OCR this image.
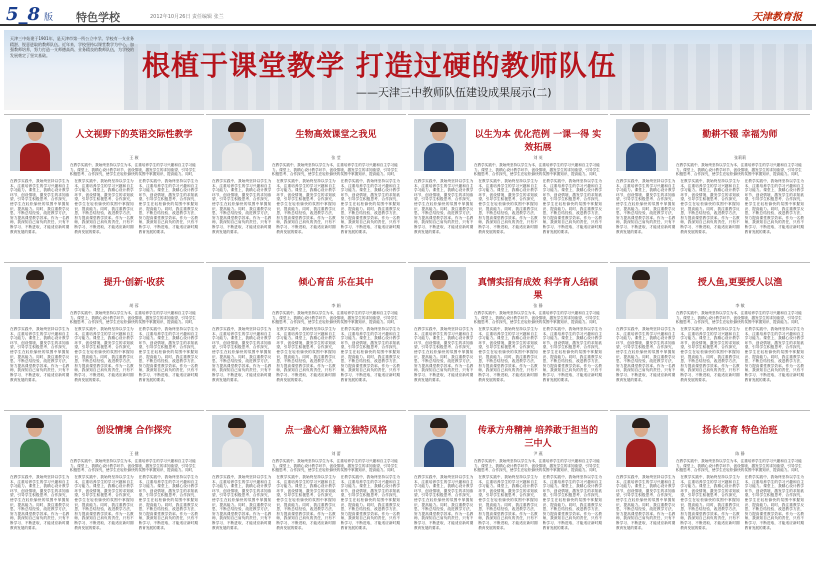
5_8 版 特色学校	2012年10月26日 责任编辑 张兰	天津教育报
天津三中始建于1901年，是天津市第一所公立中学。学校有一支业务精湛、锐意进取的教师队伍。近年来，学校坚持以课堂教学为中心，加强教师培养，努力打造一支师德高尚、业务精良的教师队伍，为学校的发展奠定了坚实基础。	根植于课堂教学 打造过硬的教师队伍
——天津三中教师队伍建设成果展示(二)
人文视野下的英语交际性教学
王 筱
在教学实践中，我始终坚持以学生为本，注重培养学生的学习兴趣和自主学习能力。课堂上，我精心设计教学环节，创设情境，激发学生的求知欲望，引导学生积极思考、合作探究，使学生在轻松愉快的氛围中掌握知识、提高能力。同时，
在教学实践中，我始终坚持以学生为本，注重培养学生的学习兴趣和自主学习能力。课堂上，我精心设计教学环节，创设情境，激发学生的求知欲望，引导学生积极思考、合作探究，使学生在轻松愉快的氛围中掌握知识、提高能力。同时，我注重教学反思，不断总结经验，改进教学方法，努力提高课堂教学效率。作为一名教师，我深知自己肩负的责任，只有不断学习、不断进取，才能适应新时期教育发展的要求。
在教学实践中，我始终坚持以学生为本，注重培养学生的学习兴趣和自主学习能力。课堂上，我精心设计教学环节，创设情境，激发学生的求知欲望，引导学生积极思考、合作探究，使学生在轻松愉快的氛围中掌握知识、提高能力。同时，我注重教学反思，不断总结经验，改进教学方法，努力提高课堂教学效率。作为一名教师，我深知自己肩负的责任，只有不断学习、不断进取，才能适应新时期教育发展的要求。
在教学实践中，我始终坚持以学生为本，注重培养学生的学习兴趣和自主学习能力。课堂上，我精心设计教学环节，创设情境，激发学生的求知欲望，引导学生积极思考、合作探究，使学生在轻松愉快的氛围中掌握知识、提高能力。同时，我注重教学反思，不断总结经验，改进教学方法，努力提高课堂教学效率。作为一名教师，我深知自己肩负的责任，只有不断学习、不断进取，才能适应新时期教育发展的要求。
生物高效课堂之我见
张 莹
在教学实践中，我始终坚持以学生为本，注重培养学生的学习兴趣和自主学习能力。课堂上，我精心设计教学环节，创设情境，激发学生的求知欲望，引导学生积极思考、合作探究，使学生在轻松愉快的氛围中掌握知识、提高能力。同时，
在教学实践中，我始终坚持以学生为本，注重培养学生的学习兴趣和自主学习能力。课堂上，我精心设计教学环节，创设情境，激发学生的求知欲望，引导学生积极思考、合作探究，使学生在轻松愉快的氛围中掌握知识、提高能力。同时，我注重教学反思，不断总结经验，改进教学方法，努力提高课堂教学效率。作为一名教师，我深知自己肩负的责任，只有不断学习、不断进取，才能适应新时期教育发展的要求。
在教学实践中，我始终坚持以学生为本，注重培养学生的学习兴趣和自主学习能力。课堂上，我精心设计教学环节，创设情境，激发学生的求知欲望，引导学生积极思考、合作探究，使学生在轻松愉快的氛围中掌握知识、提高能力。同时，我注重教学反思，不断总结经验，改进教学方法，努力提高课堂教学效率。作为一名教师，我深知自己肩负的责任，只有不断学习、不断进取，才能适应新时期教育发展的要求。
在教学实践中，我始终坚持以学生为本，注重培养学生的学习兴趣和自主学习能力。课堂上，我精心设计教学环节，创设情境，激发学生的求知欲望，引导学生积极思考、合作探究，使学生在轻松愉快的氛围中掌握知识、提高能力。同时，我注重教学反思，不断总结经验，改进教学方法，努力提高课堂教学效率。作为一名教师，我深知自己肩负的责任，只有不断学习、不断进取，才能适应新时期教育发展的要求。
以生为本 优化范例 一课一得 实效拓展
刘 英
在教学实践中，我始终坚持以学生为本，注重培养学生的学习兴趣和自主学习能力。课堂上，我精心设计教学环节，创设情境，激发学生的求知欲望，引导学生积极思考、合作探究，使学生在轻松愉快的氛围中掌握知识、提高能力。同时，
在教学实践中，我始终坚持以学生为本，注重培养学生的学习兴趣和自主学习能力。课堂上，我精心设计教学环节，创设情境，激发学生的求知欲望，引导学生积极思考、合作探究，使学生在轻松愉快的氛围中掌握知识、提高能力。同时，我注重教学反思，不断总结经验，改进教学方法，努力提高课堂教学效率。作为一名教师，我深知自己肩负的责任，只有不断学习、不断进取，才能适应新时期教育发展的要求。
在教学实践中，我始终坚持以学生为本，注重培养学生的学习兴趣和自主学习能力。课堂上，我精心设计教学环节，创设情境，激发学生的求知欲望，引导学生积极思考、合作探究，使学生在轻松愉快的氛围中掌握知识、提高能力。同时，我注重教学反思，不断总结经验，改进教学方法，努力提高课堂教学效率。作为一名教师，我深知自己肩负的责任，只有不断学习、不断进取，才能适应新时期教育发展的要求。
在教学实践中，我始终坚持以学生为本，注重培养学生的学习兴趣和自主学习能力。课堂上，我精心设计教学环节，创设情境，激发学生的求知欲望，引导学生积极思考、合作探究，使学生在轻松愉快的氛围中掌握知识、提高能力。同时，我注重教学反思，不断总结经验，改进教学方法，努力提高课堂教学效率。作为一名教师，我深知自己肩负的责任，只有不断学习、不断进取，才能适应新时期教育发展的要求。
勤耕不辍 幸福为师
张莉莉
在教学实践中，我始终坚持以学生为本，注重培养学生的学习兴趣和自主学习能力。课堂上，我精心设计教学环节，创设情境，激发学生的求知欲望，引导学生积极思考、合作探究，使学生在轻松愉快的氛围中掌握知识、提高能力。同时，
在教学实践中，我始终坚持以学生为本，注重培养学生的学习兴趣和自主学习能力。课堂上，我精心设计教学环节，创设情境，激发学生的求知欲望，引导学生积极思考、合作探究，使学生在轻松愉快的氛围中掌握知识、提高能力。同时，我注重教学反思，不断总结经验，改进教学方法，努力提高课堂教学效率。作为一名教师，我深知自己肩负的责任，只有不断学习、不断进取，才能适应新时期教育发展的要求。
在教学实践中，我始终坚持以学生为本，注重培养学生的学习兴趣和自主学习能力。课堂上，我精心设计教学环节，创设情境，激发学生的求知欲望，引导学生积极思考、合作探究，使学生在轻松愉快的氛围中掌握知识、提高能力。同时，我注重教学反思，不断总结经验，改进教学方法，努力提高课堂教学效率。作为一名教师，我深知自己肩负的责任，只有不断学习、不断进取，才能适应新时期教育发展的要求。
在教学实践中，我始终坚持以学生为本，注重培养学生的学习兴趣和自主学习能力。课堂上，我精心设计教学环节，创设情境，激发学生的求知欲望，引导学生积极思考、合作探究，使学生在轻松愉快的氛围中掌握知识、提高能力。同时，我注重教学反思，不断总结经验，改进教学方法，努力提高课堂教学效率。作为一名教师，我深知自己肩负的责任，只有不断学习、不断进取，才能适应新时期教育发展的要求。
提升·创新·收获
胡 蓉
在教学实践中，我始终坚持以学生为本，注重培养学生的学习兴趣和自主学习能力。课堂上，我精心设计教学环节，创设情境，激发学生的求知欲望，引导学生积极思考、合作探究，使学生在轻松愉快的氛围中掌握知识、提高能力。同时，
在教学实践中，我始终坚持以学生为本，注重培养学生的学习兴趣和自主学习能力。课堂上，我精心设计教学环节，创设情境，激发学生的求知欲望，引导学生积极思考、合作探究，使学生在轻松愉快的氛围中掌握知识、提高能力。同时，我注重教学反思，不断总结经验，改进教学方法，努力提高课堂教学效率。作为一名教师，我深知自己肩负的责任，只有不断学习、不断进取，才能适应新时期教育发展的要求。
在教学实践中，我始终坚持以学生为本，注重培养学生的学习兴趣和自主学习能力。课堂上，我精心设计教学环节，创设情境，激发学生的求知欲望，引导学生积极思考、合作探究，使学生在轻松愉快的氛围中掌握知识、提高能力。同时，我注重教学反思，不断总结经验，改进教学方法，努力提高课堂教学效率。作为一名教师，我深知自己肩负的责任，只有不断学习、不断进取，才能适应新时期教育发展的要求。
在教学实践中，我始终坚持以学生为本，注重培养学生的学习兴趣和自主学习能力。课堂上，我精心设计教学环节，创设情境，激发学生的求知欲望，引导学生积极思考、合作探究，使学生在轻松愉快的氛围中掌握知识、提高能力。同时，我注重教学反思，不断总结经验，改进教学方法，努力提高课堂教学效率。作为一名教师，我深知自己肩负的责任，只有不断学习、不断进取，才能适应新时期教育发展的要求。
倾心育苗 乐在其中
李 娟
在教学实践中，我始终坚持以学生为本，注重培养学生的学习兴趣和自主学习能力。课堂上，我精心设计教学环节，创设情境，激发学生的求知欲望，引导学生积极思考、合作探究，使学生在轻松愉快的氛围中掌握知识、提高能力。同时，
在教学实践中，我始终坚持以学生为本，注重培养学生的学习兴趣和自主学习能力。课堂上，我精心设计教学环节，创设情境，激发学生的求知欲望，引导学生积极思考、合作探究，使学生在轻松愉快的氛围中掌握知识、提高能力。同时，我注重教学反思，不断总结经验，改进教学方法，努力提高课堂教学效率。作为一名教师，我深知自己肩负的责任，只有不断学习、不断进取，才能适应新时期教育发展的要求。
在教学实践中，我始终坚持以学生为本，注重培养学生的学习兴趣和自主学习能力。课堂上，我精心设计教学环节，创设情境，激发学生的求知欲望，引导学生积极思考、合作探究，使学生在轻松愉快的氛围中掌握知识、提高能力。同时，我注重教学反思，不断总结经验，改进教学方法，努力提高课堂教学效率。作为一名教师，我深知自己肩负的责任，只有不断学习、不断进取，才能适应新时期教育发展的要求。
在教学实践中，我始终坚持以学生为本，注重培养学生的学习兴趣和自主学习能力。课堂上，我精心设计教学环节，创设情境，激发学生的求知欲望，引导学生积极思考、合作探究，使学生在轻松愉快的氛围中掌握知识、提高能力。同时，我注重教学反思，不断总结经验，改进教学方法，努力提高课堂教学效率。作为一名教师，我深知自己肩负的责任，只有不断学习、不断进取，才能适应新时期教育发展的要求。
真情实招有成效 科学育人结硕果
张 静
在教学实践中，我始终坚持以学生为本，注重培养学生的学习兴趣和自主学习能力。课堂上，我精心设计教学环节，创设情境，激发学生的求知欲望，引导学生积极思考、合作探究，使学生在轻松愉快的氛围中掌握知识、提高能力。同时，
在教学实践中，我始终坚持以学生为本，注重培养学生的学习兴趣和自主学习能力。课堂上，我精心设计教学环节，创设情境，激发学生的求知欲望，引导学生积极思考、合作探究，使学生在轻松愉快的氛围中掌握知识、提高能力。同时，我注重教学反思，不断总结经验，改进教学方法，努力提高课堂教学效率。作为一名教师，我深知自己肩负的责任，只有不断学习、不断进取，才能适应新时期教育发展的要求。
在教学实践中，我始终坚持以学生为本，注重培养学生的学习兴趣和自主学习能力。课堂上，我精心设计教学环节，创设情境，激发学生的求知欲望，引导学生积极思考、合作探究，使学生在轻松愉快的氛围中掌握知识、提高能力。同时，我注重教学反思，不断总结经验，改进教学方法，努力提高课堂教学效率。作为一名教师，我深知自己肩负的责任，只有不断学习、不断进取，才能适应新时期教育发展的要求。
在教学实践中，我始终坚持以学生为本，注重培养学生的学习兴趣和自主学习能力。课堂上，我精心设计教学环节，创设情境，激发学生的求知欲望，引导学生积极思考、合作探究，使学生在轻松愉快的氛围中掌握知识、提高能力。同时，我注重教学反思，不断总结经验，改进教学方法，努力提高课堂教学效率。作为一名教师，我深知自己肩负的责任，只有不断学习、不断进取，才能适应新时期教育发展的要求。
授人鱼,更要授人以渔
李 敏
在教学实践中，我始终坚持以学生为本，注重培养学生的学习兴趣和自主学习能力。课堂上，我精心设计教学环节，创设情境，激发学生的求知欲望，引导学生积极思考、合作探究，使学生在轻松愉快的氛围中掌握知识、提高能力。同时，
在教学实践中，我始终坚持以学生为本，注重培养学生的学习兴趣和自主学习能力。课堂上，我精心设计教学环节，创设情境，激发学生的求知欲望，引导学生积极思考、合作探究，使学生在轻松愉快的氛围中掌握知识、提高能力。同时，我注重教学反思，不断总结经验，改进教学方法，努力提高课堂教学效率。作为一名教师，我深知自己肩负的责任，只有不断学习、不断进取，才能适应新时期教育发展的要求。
在教学实践中，我始终坚持以学生为本，注重培养学生的学习兴趣和自主学习能力。课堂上，我精心设计教学环节，创设情境，激发学生的求知欲望，引导学生积极思考、合作探究，使学生在轻松愉快的氛围中掌握知识、提高能力。同时，我注重教学反思，不断总结经验，改进教学方法，努力提高课堂教学效率。作为一名教师，我深知自己肩负的责任，只有不断学习、不断进取，才能适应新时期教育发展的要求。
在教学实践中，我始终坚持以学生为本，注重培养学生的学习兴趣和自主学习能力。课堂上，我精心设计教学环节，创设情境，激发学生的求知欲望，引导学生积极思考、合作探究，使学生在轻松愉快的氛围中掌握知识、提高能力。同时，我注重教学反思，不断总结经验，改进教学方法，努力提高课堂教学效率。作为一名教师，我深知自己肩负的责任，只有不断学习、不断进取，才能适应新时期教育发展的要求。
创设情境 合作探究
王 健
在教学实践中，我始终坚持以学生为本，注重培养学生的学习兴趣和自主学习能力。课堂上，我精心设计教学环节，创设情境，激发学生的求知欲望，引导学生积极思考、合作探究，使学生在轻松愉快的氛围中掌握知识、提高能力。同时，
在教学实践中，我始终坚持以学生为本，注重培养学生的学习兴趣和自主学习能力。课堂上，我精心设计教学环节，创设情境，激发学生的求知欲望，引导学生积极思考、合作探究，使学生在轻松愉快的氛围中掌握知识、提高能力。同时，我注重教学反思，不断总结经验，改进教学方法，努力提高课堂教学效率。作为一名教师，我深知自己肩负的责任，只有不断学习、不断进取，才能适应新时期教育发展的要求。
在教学实践中，我始终坚持以学生为本，注重培养学生的学习兴趣和自主学习能力。课堂上，我精心设计教学环节，创设情境，激发学生的求知欲望，引导学生积极思考、合作探究，使学生在轻松愉快的氛围中掌握知识、提高能力。同时，我注重教学反思，不断总结经验，改进教学方法，努力提高课堂教学效率。作为一名教师，我深知自己肩负的责任，只有不断学习、不断进取，才能适应新时期教育发展的要求。
在教学实践中，我始终坚持以学生为本，注重培养学生的学习兴趣和自主学习能力。课堂上，我精心设计教学环节，创设情境，激发学生的求知欲望，引导学生积极思考、合作探究，使学生在轻松愉快的氛围中掌握知识、提高能力。同时，我注重教学反思，不断总结经验，改进教学方法，努力提高课堂教学效率。作为一名教师，我深知自己肩负的责任，只有不断学习、不断进取，才能适应新时期教育发展的要求。
点一盏心灯 籍立独特风格
刘 蕾
在教学实践中，我始终坚持以学生为本，注重培养学生的学习兴趣和自主学习能力。课堂上，我精心设计教学环节，创设情境，激发学生的求知欲望，引导学生积极思考、合作探究，使学生在轻松愉快的氛围中掌握知识、提高能力。同时，
在教学实践中，我始终坚持以学生为本，注重培养学生的学习兴趣和自主学习能力。课堂上，我精心设计教学环节，创设情境，激发学生的求知欲望，引导学生积极思考、合作探究，使学生在轻松愉快的氛围中掌握知识、提高能力。同时，我注重教学反思，不断总结经验，改进教学方法，努力提高课堂教学效率。作为一名教师，我深知自己肩负的责任，只有不断学习、不断进取，才能适应新时期教育发展的要求。
在教学实践中，我始终坚持以学生为本，注重培养学生的学习兴趣和自主学习能力。课堂上，我精心设计教学环节，创设情境，激发学生的求知欲望，引导学生积极思考、合作探究，使学生在轻松愉快的氛围中掌握知识、提高能力。同时，我注重教学反思，不断总结经验，改进教学方法，努力提高课堂教学效率。作为一名教师，我深知自己肩负的责任，只有不断学习、不断进取，才能适应新时期教育发展的要求。
在教学实践中，我始终坚持以学生为本，注重培养学生的学习兴趣和自主学习能力。课堂上，我精心设计教学环节，创设情境，激发学生的求知欲望，引导学生积极思考、合作探究，使学生在轻松愉快的氛围中掌握知识、提高能力。同时，我注重教学反思，不断总结经验，改进教学方法，努力提高课堂教学效率。作为一名教师，我深知自己肩负的责任，只有不断学习、不断进取，才能适应新时期教育发展的要求。
传承方舟精神 培养敢于担当的三中人
尹 燕
在教学实践中，我始终坚持以学生为本，注重培养学生的学习兴趣和自主学习能力。课堂上，我精心设计教学环节，创设情境，激发学生的求知欲望，引导学生积极思考、合作探究，使学生在轻松愉快的氛围中掌握知识、提高能力。同时，
在教学实践中，我始终坚持以学生为本，注重培养学生的学习兴趣和自主学习能力。课堂上，我精心设计教学环节，创设情境，激发学生的求知欲望，引导学生积极思考、合作探究，使学生在轻松愉快的氛围中掌握知识、提高能力。同时，我注重教学反思，不断总结经验，改进教学方法，努力提高课堂教学效率。作为一名教师，我深知自己肩负的责任，只有不断学习、不断进取，才能适应新时期教育发展的要求。
在教学实践中，我始终坚持以学生为本，注重培养学生的学习兴趣和自主学习能力。课堂上，我精心设计教学环节，创设情境，激发学生的求知欲望，引导学生积极思考、合作探究，使学生在轻松愉快的氛围中掌握知识、提高能力。同时，我注重教学反思，不断总结经验，改进教学方法，努力提高课堂教学效率。作为一名教师，我深知自己肩负的责任，只有不断学习、不断进取，才能适应新时期教育发展的要求。
在教学实践中，我始终坚持以学生为本，注重培养学生的学习兴趣和自主学习能力。课堂上，我精心设计教学环节，创设情境，激发学生的求知欲望，引导学生积极思考、合作探究，使学生在轻松愉快的氛围中掌握知识、提高能力。同时，我注重教学反思，不断总结经验，改进教学方法，努力提高课堂教学效率。作为一名教师，我深知自己肩负的责任，只有不断学习、不断进取，才能适应新时期教育发展的要求。
扬长教育 特色治班
陈 静
在教学实践中，我始终坚持以学生为本，注重培养学生的学习兴趣和自主学习能力。课堂上，我精心设计教学环节，创设情境，激发学生的求知欲望，引导学生积极思考、合作探究，使学生在轻松愉快的氛围中掌握知识、提高能力。同时，
在教学实践中，我始终坚持以学生为本，注重培养学生的学习兴趣和自主学习能力。课堂上，我精心设计教学环节，创设情境，激发学生的求知欲望，引导学生积极思考、合作探究，使学生在轻松愉快的氛围中掌握知识、提高能力。同时，我注重教学反思，不断总结经验，改进教学方法，努力提高课堂教学效率。作为一名教师，我深知自己肩负的责任，只有不断学习、不断进取，才能适应新时期教育发展的要求。
在教学实践中，我始终坚持以学生为本，注重培养学生的学习兴趣和自主学习能力。课堂上，我精心设计教学环节，创设情境，激发学生的求知欲望，引导学生积极思考、合作探究，使学生在轻松愉快的氛围中掌握知识、提高能力。同时，我注重教学反思，不断总结经验，改进教学方法，努力提高课堂教学效率。作为一名教师，我深知自己肩负的责任，只有不断学习、不断进取，才能适应新时期教育发展的要求。
在教学实践中，我始终坚持以学生为本，注重培养学生的学习兴趣和自主学习能力。课堂上，我精心设计教学环节，创设情境，激发学生的求知欲望，引导学生积极思考、合作探究，使学生在轻松愉快的氛围中掌握知识、提高能力。同时，我注重教学反思，不断总结经验，改进教学方法，努力提高课堂教学效率。作为一名教师，我深知自己肩负的责任，只有不断学习、不断进取，才能适应新时期教育发展的要求。
